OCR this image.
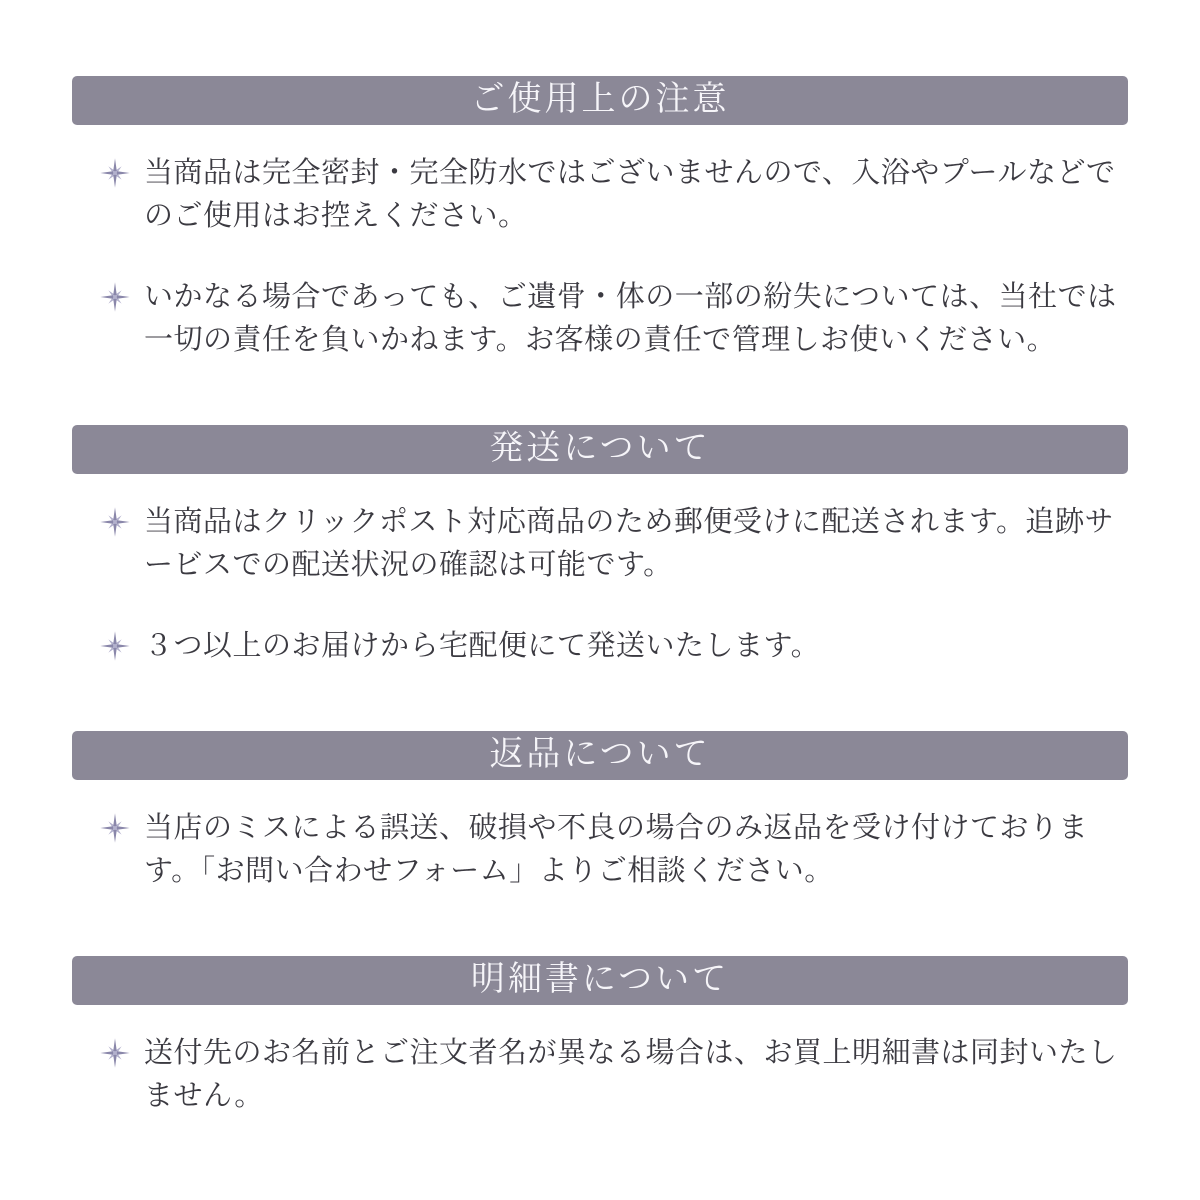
ご使用上の注意

当商品は完全密封・完全防水ではございませんので、入浴やプールなどでのご使用はお控えください。

いかなる場合であっても、ご遺骨・体の一部の紛失については、当社では一切の責任を負いかねます。お客様の責任で管理しお使いください。

発送について

当商品はクリックポスト対応商品のため郵便受けに配送されます。追跡サービスでの配送状況の確認は可能です。

３つ以上のお届けから宅配便にて発送いたします。

返品について

当店のミスによる誤送、破損や不良の場合のみ返品を受け付けております。「お問い合わせフォーム」よりご相談ください。

明細書について

送付先のお名前とご注文者名が異なる場合は、お買上明細書は同封いたしません。
